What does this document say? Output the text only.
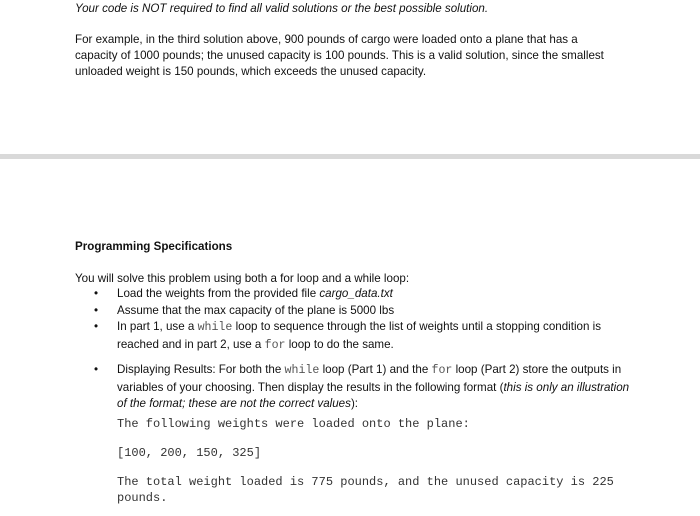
Your code is NOT required to find all valid solutions or the best possible solution.

For example, in the third solution above, 900 pounds of cargo were loaded onto a plane that has a capacity of 1000 pounds; the unused capacity is 100 pounds. This is a valid solution, since the smallest unloaded weight is 150 pounds, which exceeds the unused capacity.

Programming Specifications

You will solve this problem using both a for loop and a while loop:

• Load the weights from the provided file cargo_data.txt
• Assume that the max capacity of the plane is 5000 lbs
• In part 1, use a while loop to sequence through the list of weights until a stopping condition is reached and in part 2, use a for loop to do the same.
• Displaying Results: For both the while loop (Part 1) and the for loop (Part 2) store the outputs in variables of your choosing. Then display the results in the following format (this is only an illustration of the format; these are not the correct values):

The following weights were loaded onto the plane:

[100, 200, 150, 325]

The total weight loaded is 775 pounds, and the unused capacity is 225 pounds.
